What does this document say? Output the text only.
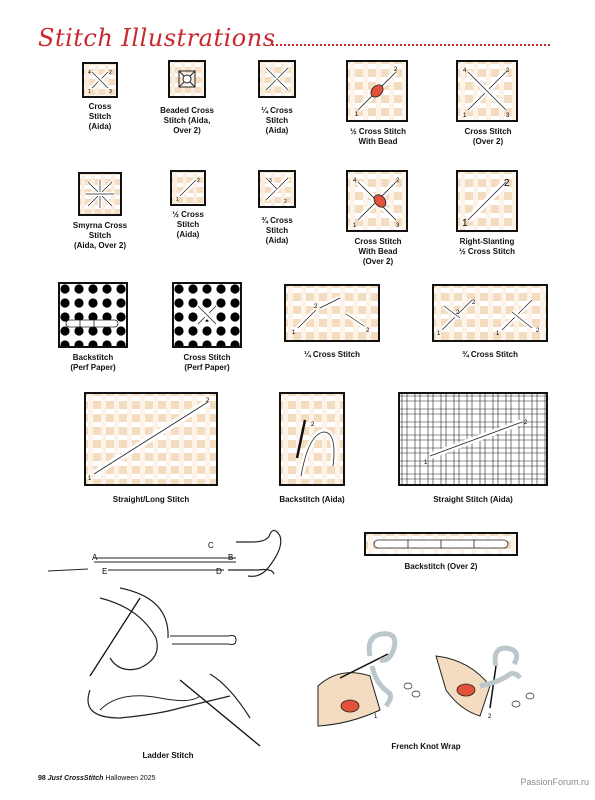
Stitch Illustrations
4	2
1	3
Cross
Stitch
(Aida)
Beaded Cross
Stitch (Aida,
Over 2)
¼ Cross
Stitch
(Aida)
1
2
½ Cross Stitch
With Bead
4	2
1	3
Cross Stitch
(Over 2)
Smyrna Cross
Stitch
(Aida, Over 2)
1
2
½ Cross
Stitch
(Aida)
3
2
¾ Cross
Stitch
(Aida)
4	2
1	3
Cross Stitch
With Bead
(Over 2)
1
2
Right-Slanting
½ Cross Stitch
Backstitch
(Perf Paper)
Cross Stitch
(Perf Paper)
1
2
2
¼ Cross Stitch
1
2
2
1	2
¾ Cross Stitch
1
2
Straight/Long Stitch
2
Backstitch (Aida)
1
2
Straight Stitch (Aida)
A	B
C
D
E
Backstitch (Over 2)
Ladder Stitch
1	2
French Knot Wrap
98 Just CrossStitch Halloween 2025	PassionForum.ru
